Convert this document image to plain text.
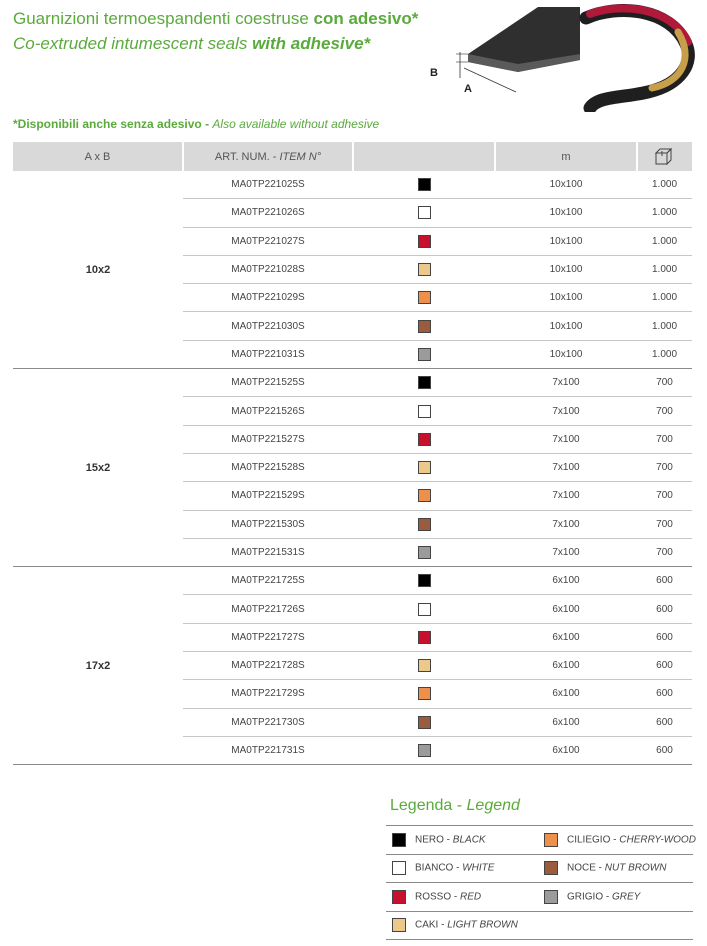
Guarnizioni termoespandenti coestruse con adesivo*
Co-extruded intumescent seals with adhesive*
B
A
*Disponibili anche senza adesivo - Also available without adhesive
A x B	ART. NUM. - ITEM N°		m	
10x2	MA0TP221025S		10x100	1.000
	MA0TP221026S		10x100	1.000
	MA0TP221027S		10x100	1.000
	MA0TP221028S		10x100	1.000
	MA0TP221029S		10x100	1.000
	MA0TP221030S		10x100	1.000
	MA0TP221031S		10x100	1.000
15x2	MA0TP221525S		7x100	700
	MA0TP221526S		7x100	700
	MA0TP221527S		7x100	700
	MA0TP221528S		7x100	700
	MA0TP221529S		7x100	700
	MA0TP221530S		7x100	700
	MA0TP221531S		7x100	700
17x2	MA0TP221725S		6x100	600
	MA0TP221726S		6x100	600
	MA0TP221727S		6x100	600
	MA0TP221728S		6x100	600
	MA0TP221729S		6x100	600
	MA0TP221730S		6x100	600
	MA0TP221731S		6x100	600
Legenda - Legend
NERO - BLACK	CILIEGIO - CHERRY-WOOD
BIANCO - WHITE	NOCE - NUT BROWN
ROSSO - RED	GRIGIO - GREY
CAKI - LIGHT BROWN	
